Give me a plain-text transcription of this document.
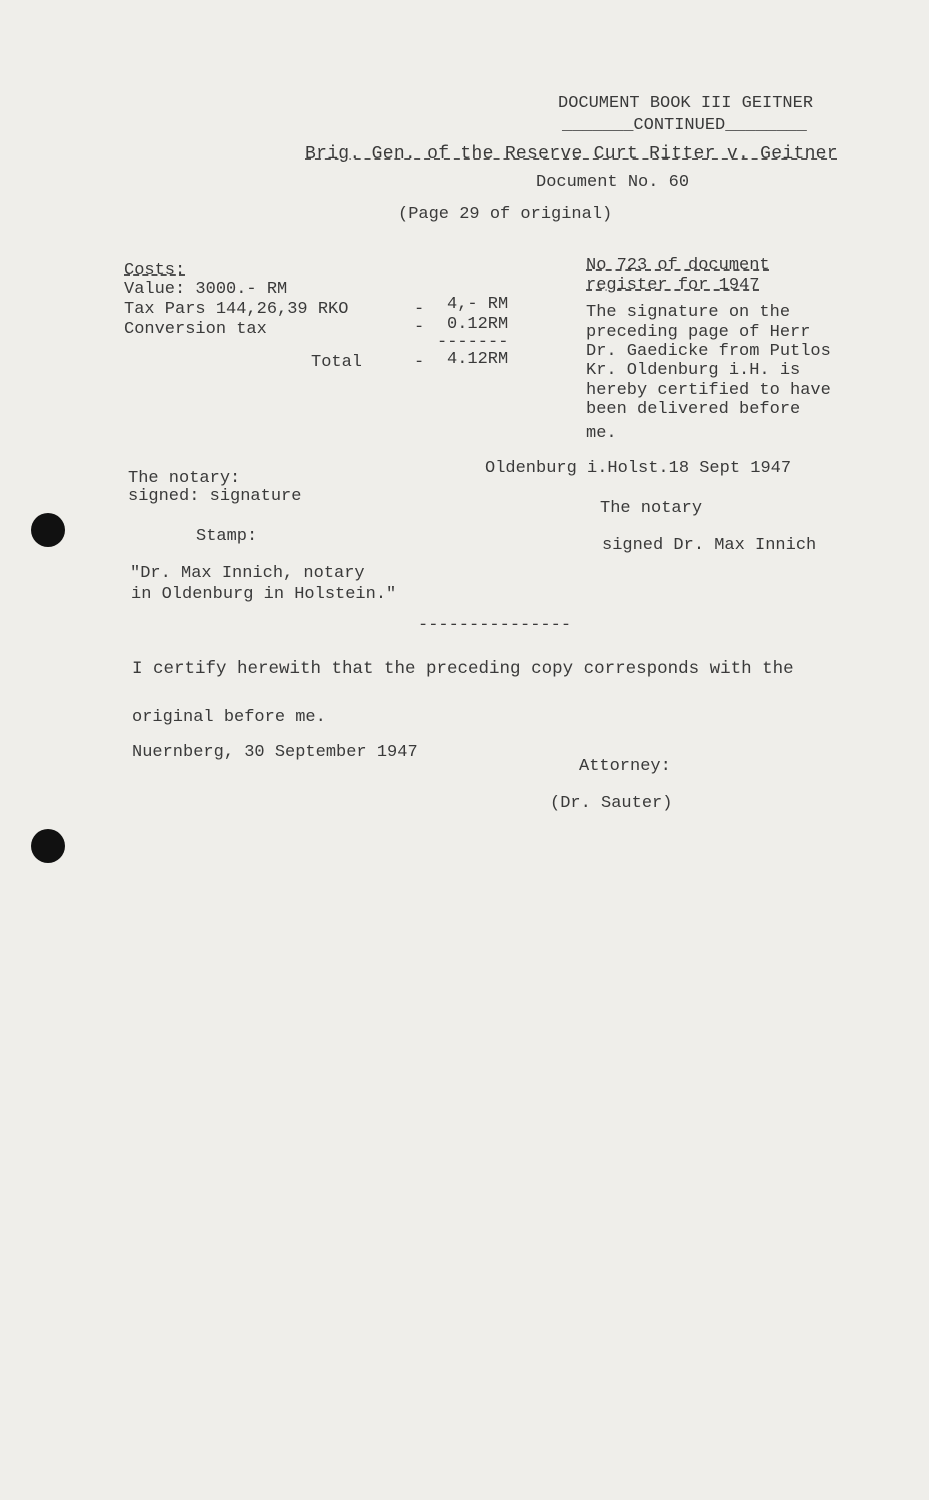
DOCUMENT BOOK III GEITNER
_______CONTINUED________
Brig. Gen. of the Reserve Curt Ritter v. Geitner
Document No. 60
(Page 29 of original)
Costs:
Value: 3000.- RM
Tax Pars 144,26,39 RKO	- 4,- RM
Conversion tax	- 0.12RM
-------
Total	- 4.12RM
No 723 of document
register for 1947
The signature on the
preceding page of Herr
Dr. Gaedicke from Putlos
Kr. Oldenburg i.H. is
hereby certified to have
been delivered before
me.
The notary:
signed: signature
Stamp:
"Dr. Max Innich, notary
in Oldenburg in Holstein."
Oldenburg i.Holst.18 Sept 1947
The notary
signed Dr. Max Innich
---------------
I certify herewith that the preceding copy corresponds with the
original before me.
Nuernberg, 30 September 1947
Attorney:
(Dr. Sauter)
